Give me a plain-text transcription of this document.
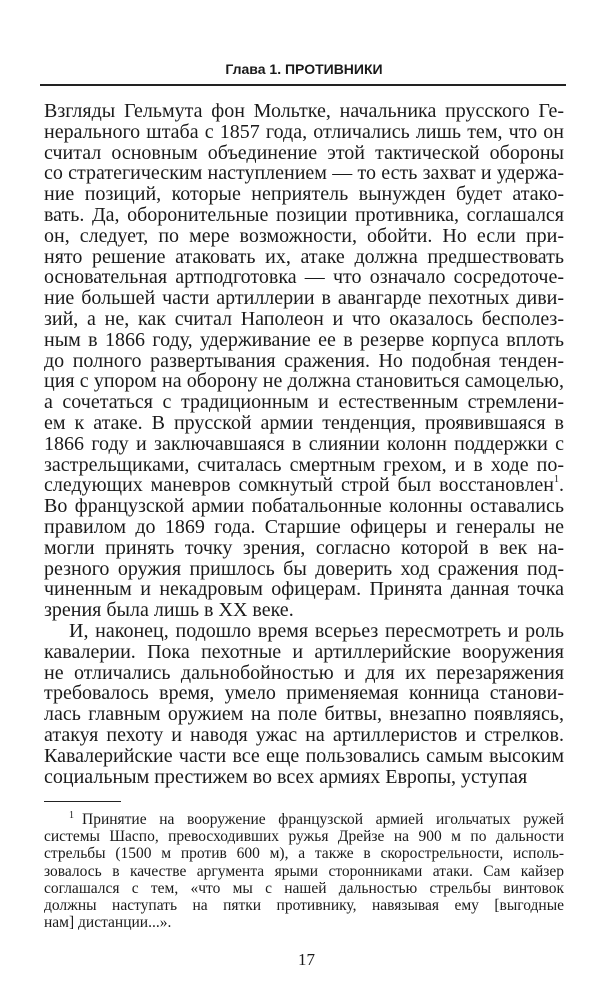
Глава 1. ПРОТИВНИКИ
Взгляды Гельмута фон Мольтке, начальника прусского Ге-
нерального штаба с 1857 года, отличались лишь тем, что он
считал основным объединение этой тактической обороны
со стратегическим наступлением — то есть захват и удержа-
ние позиций, которые неприятель вынужден будет атако-
вать. Да, оборонительные позиции противника, соглашался
он, следует, по мере возможности, обойти. Но если при-
нято решение атаковать их, атаке должна предшествовать
основательная артподготовка — что означало сосредоточе-
ние большей части артиллерии в авангарде пехотных диви-
зий, а не, как считал Наполеон и что оказалось бесполез-
ным в 1866 году, удерживание ее в резерве корпуса вплоть
до полного развертывания сражения. Но подобная тенден-
ция с упором на оборону не должна становиться самоцелью,
а сочетаться с традиционным и естественным стремлени-
ем к атаке. В прусской армии тенденция, проявившаяся в
1866 году и заключавшаяся в слиянии колонн поддержки с
застрельщиками, считалась смертным грехом, и в ходе по-
следующих маневров сомкнутый строй был восстановлен$^1$.
Во французской армии побатальонные колонны оставались
правилом до 1869 года. Старшие офицеры и генералы не
могли принять точку зрения, согласно которой в век на-
резного оружия пришлось бы доверить ход сражения под-
чиненным и некадровым офицерам. Принята данная точка
зрения была лишь в XX веке.
И, наконец, подошло время всерьез пересмотреть и роль
кавалерии. Пока пехотные и артиллерийские вооружения
не отличались дальнобойностью и для их перезаряжения
требовалось время, умело применяемая конница станови-
лась главным оружием на поле битвы, внезапно появляясь,
атакуя пехоту и наводя ужас на артиллеристов и стрелков.
Кавалерийские части все еще пользовались самым высоким
социальным престижем во всех армиях Европы, уступая
$^1$ Принятие на вооружение французской армией игольчатых ружей
системы Шаспо, превосходивших ружья Дрейзе на 900 м по дальности
стрельбы (1500 м против 600 м), а также в скорострельности, исполь-
зовалось в качестве аргумента ярыми сторонниками атаки. Сам кайзер
соглашался с тем, «что мы с нашей дальностью стрельбы винтовок
должны наступать на пятки противнику, навязывая ему [выгодные
нам] дистанции...».
17
